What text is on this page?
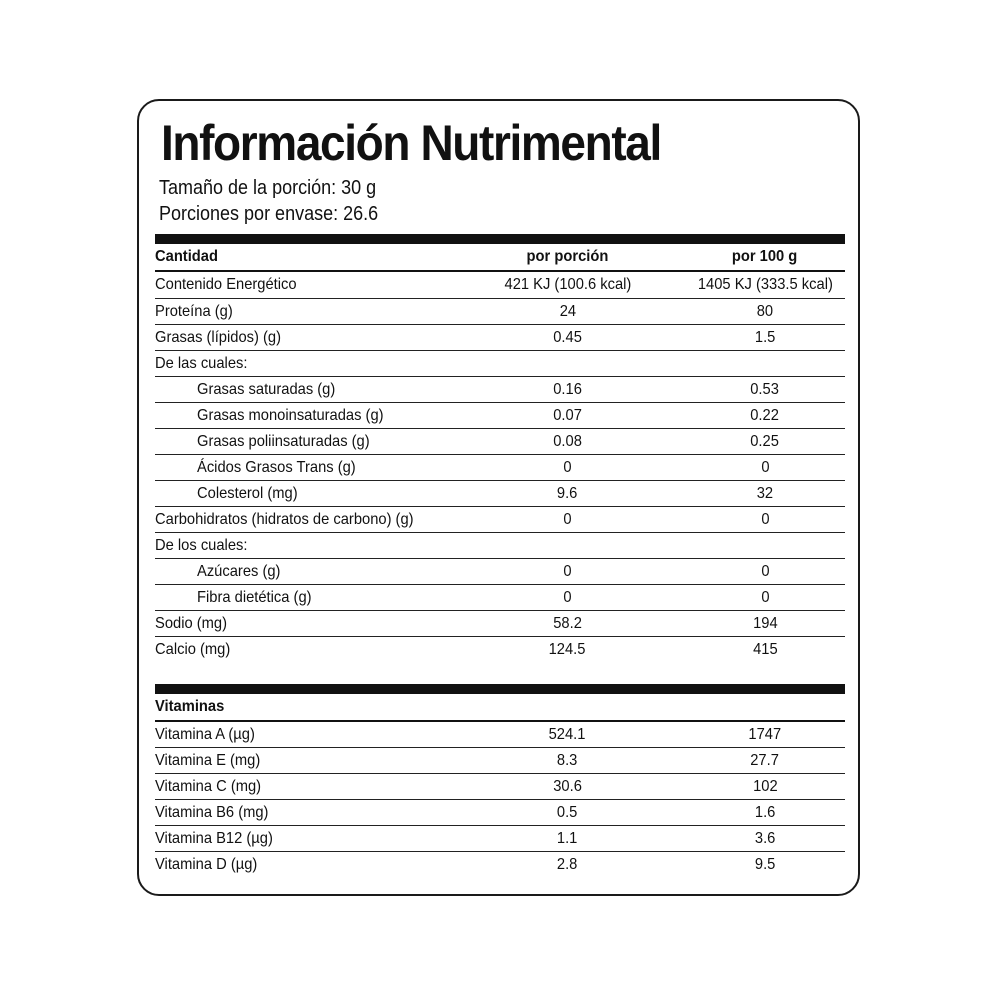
Información Nutrimental
Tamaño de la porción: 30 g
Porciones por envase: 26.6
Cantidad	por porción	por 100 g
Contenido Energético	421 KJ (100.6 kcal)	1405 KJ (333.5 kcal)
Proteína (g)	24	80
Grasas (lípidos) (g)	0.45	1.5
De las cuales:
Grasas saturadas (g)	0.16	0.53
Grasas monoinsaturadas (g)	0.07	0.22
Grasas poliinsaturadas (g)	0.08	0.25
Ácidos Grasos Trans (g)	0	0
Colesterol (mg)	9.6	32
Carbohidratos (hidratos de carbono) (g)	0	0
De los cuales:
Azúcares (g)	0	0
Fibra dietética (g)	0	0
Sodio (mg)	58.2	194
Calcio (mg)	124.5	415
Vitaminas
Vitamina A (µg)	524.1	1747
Vitamina E (mg)	8.3	27.7
Vitamina C (mg)	30.6	102
Vitamina B6 (mg)	0.5	1.6
Vitamina B12 (µg)	1.1	3.6
Vitamina D (µg)	2.8	9.5
